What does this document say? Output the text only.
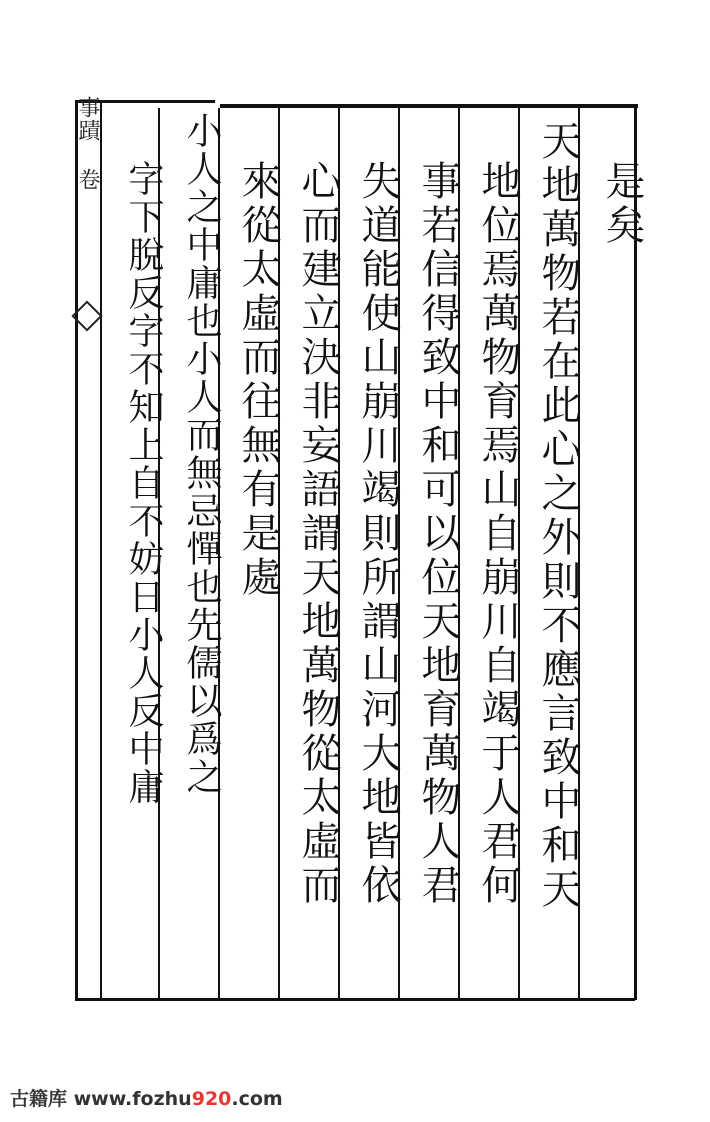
事蹟 卷
是矣
天地萬物若在此心之外則不應言致中和天
地位焉萬物育焉山自崩川自竭于人君何
事若信得致中和可以位天地育萬物人君
失道能使山崩川竭則所謂山河大地皆依
心而建立決非妄語謂天地萬物從太虛而
來從太虛而往無有是處
小人之中庸也小人而無忌憚也先儒以爲之
字下脫反字不知上自不妨日小人反中庸
古籍库 www.fozhu920.com
